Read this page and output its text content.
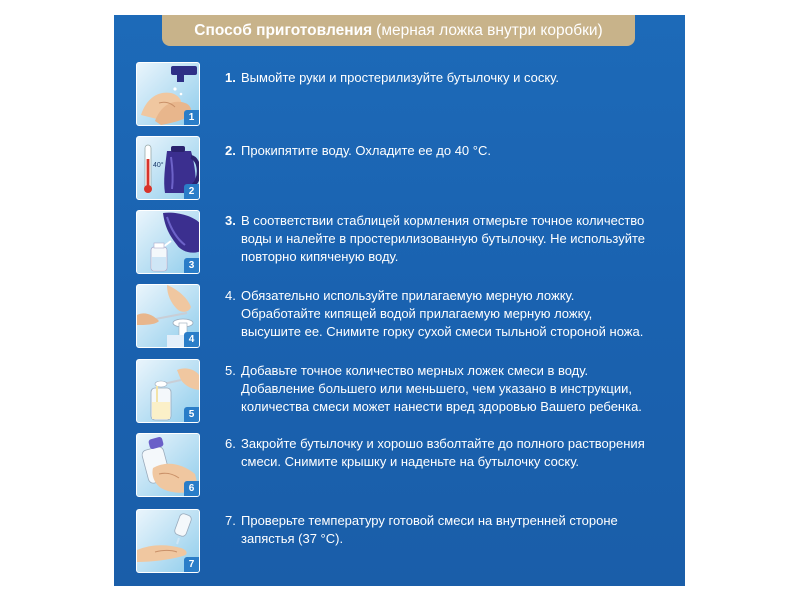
Способ приготовления (мерная ложка внутри коробки)
1
1. Вымойте руки и простерилизуйте бутылочку и соску.
40°
2
2. Прокипятите воду. Охладите ее до 40 °С.
3
3. В соответствии стаблицей кормления отмерьте точное количество
воды и налейте в простерилизованную бутылочку. Не используйте
повторно кипяченую воду.
4
4. Обязательно используйте прилагаемую мерную ложку.
Обработайте кипящей водой прилагаемую мерную ложку,
высушите ее. Снимите горку сухой смеси тыльной стороной ножа.
5
5. Добавьте точное количество мерных ложек смеси в воду.
Добавление большего или меньшего, чем указано в инструкции,
количества смеси может нанести вред здоровью Вашего ребенка.
6
6. Закройте бутылочку и хорошо взболтайте до полного растворения
смеси. Снимите крышку и наденьте на бутылочку соску.
7
7. Проверьте температуру готовой смеси на внутренней стороне
запястья (37 °С).
